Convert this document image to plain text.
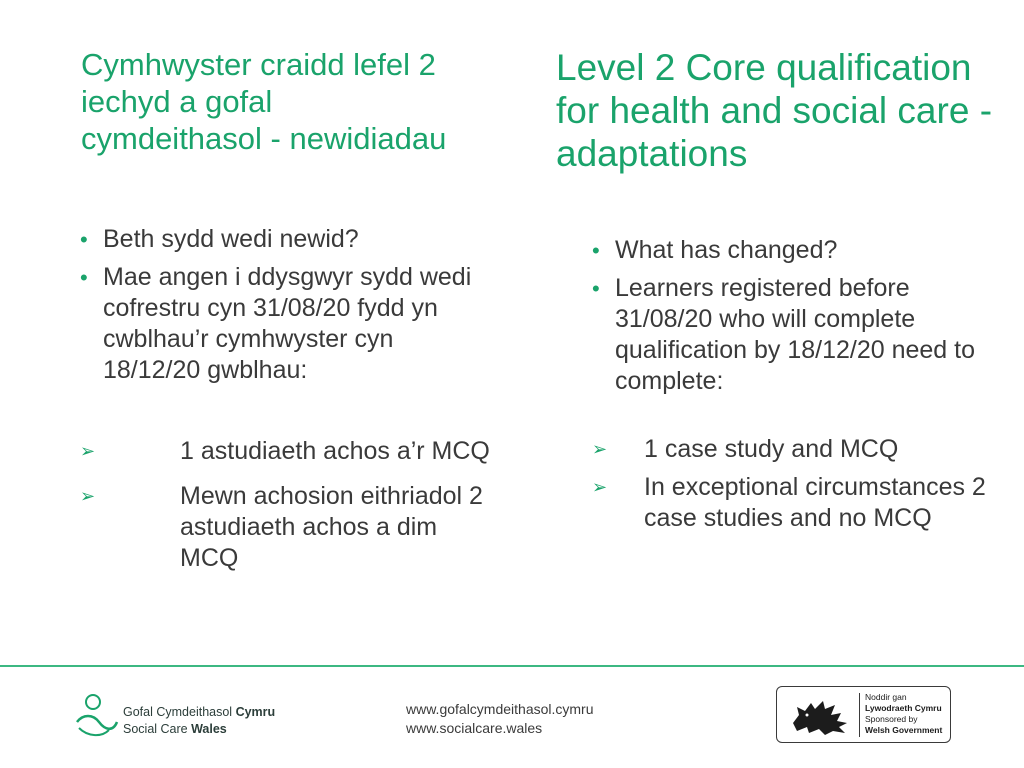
Cymhwyster craidd lefel 2 iechyd a gofal cymdeithasol - newidiadau
Level 2 Core qualification for health and social care - adaptations
• Beth sydd wedi newid?
• Mae angen i ddysgwyr sydd wedi cofrestru cyn 31/08/20 fydd yn cwblhau’r cymhwyster cyn 18/12/20 gwblhau:
➢	1 astudiaeth achos a’r MCQ
➢	Mewn achosion eithriadol 2 astudiaeth achos a dim MCQ
• What has changed?
• Learners registered before 31/08/20 who will complete qualification by 18/12/20 need to complete:
➢ 1 case study and MCQ
➢ In exceptional circumstances 2 case studies and no MCQ
Gofal Cymdeithasol Cymru
Social Care Wales
www.gofalcymdeithasol.cymru
www.socialcare.wales
Noddir gan
Lywodraeth Cymru
Sponsored by
Welsh Government
